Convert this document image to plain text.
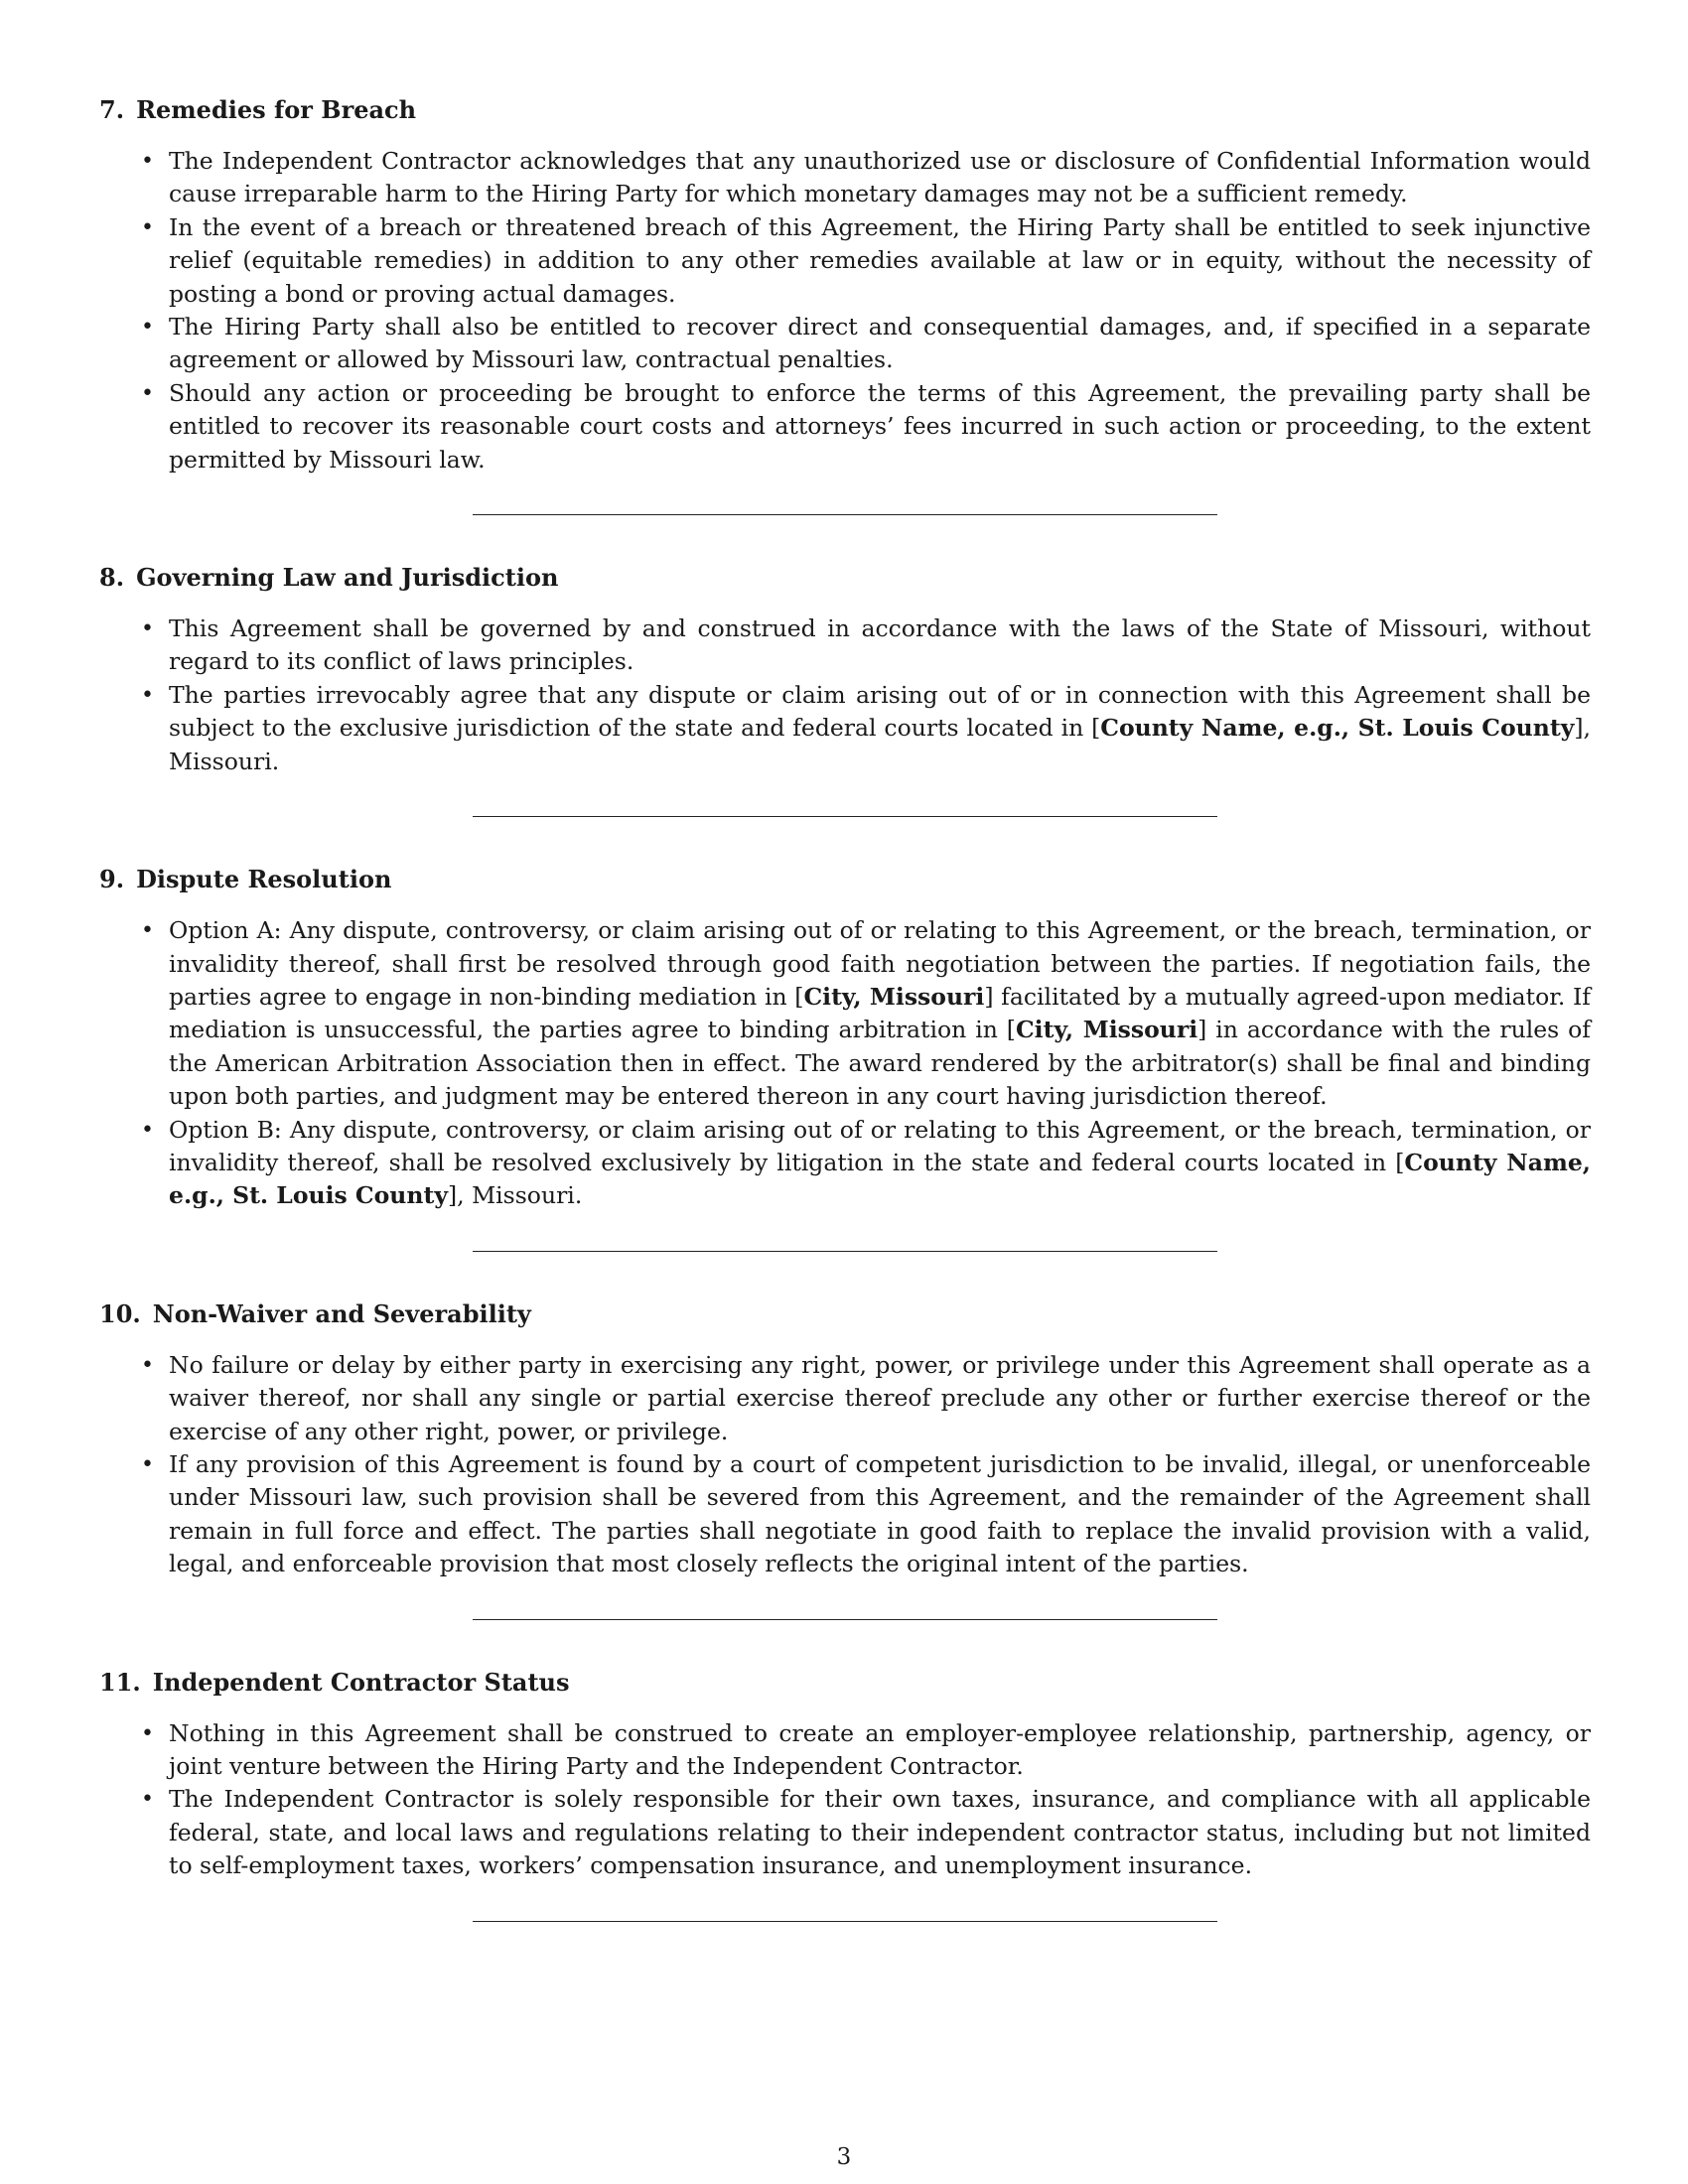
7. Remedies for Breach
• The Independent Contractor acknowledges that any unauthorized use or disclosure of Confidential Information would cause irreparable harm to the Hiring Party for which monetary damages may not be a sufficient remedy.
• In the event of a breach or threatened breach of this Agreement, the Hiring Party shall be entitled to seek injunctive relief (equitable remedies) in addition to any other remedies available at law or in equity, without the necessity of posting a bond or proving actual damages.
• The Hiring Party shall also be entitled to recover direct and consequential damages, and, if specified in a separate agreement or allowed by Missouri law, contractual penalties.
• Should any action or proceeding be brought to enforce the terms of this Agreement, the prevailing party shall be entitled to recover its reasonable court costs and attorneys’ fees incurred in such action or proceeding, to the extent permitted by Missouri law.
8. Governing Law and Jurisdiction
• This Agreement shall be governed by and construed in accordance with the laws of the State of Missouri, without regard to its conflict of laws principles.
• The parties irrevocably agree that any dispute or claim arising out of or in connection with this Agreement shall be subject to the exclusive jurisdiction of the state and federal courts located in [County Name, e.g., St. Louis County], Missouri.
9. Dispute Resolution
• Option A: Any dispute, controversy, or claim arising out of or relating to this Agreement, or the breach, termination, or invalidity thereof, shall first be resolved through good faith negotiation between the parties. If negotiation fails, the parties agree to engage in non-binding mediation in [City, Missouri] facilitated by a mutually agreed-upon mediator. If mediation is unsuccessful, the parties agree to binding arbitration in [City, Missouri] in accordance with the rules of the American Arbitration Association then in effect. The award rendered by the arbitrator(s) shall be final and binding upon both parties, and judgment may be entered thereon in any court having jurisdiction thereof.
• Option B: Any dispute, controversy, or claim arising out of or relating to this Agreement, or the breach, termination, or invalidity thereof, shall be resolved exclusively by litigation in the state and federal courts located in [County Name, e.g., St. Louis County], Missouri.
10. Non-Waiver and Severability
• No failure or delay by either party in exercising any right, power, or privilege under this Agreement shall operate as a waiver thereof, nor shall any single or partial exercise thereof preclude any other or further exercise thereof or the exercise of any other right, power, or privilege.
• If any provision of this Agreement is found by a court of competent jurisdiction to be invalid, illegal, or unenforceable under Missouri law, such provision shall be severed from this Agreement, and the remainder of the Agreement shall remain in full force and effect. The parties shall negotiate in good faith to replace the invalid provision with a valid, legal, and enforceable provision that most closely reflects the original intent of the parties.
11. Independent Contractor Status
• Nothing in this Agreement shall be construed to create an employer-employee relationship, partnership, agency, or joint venture between the Hiring Party and the Independent Contractor.
• The Independent Contractor is solely responsible for their own taxes, insurance, and compliance with all applicable federal, state, and local laws and regulations relating to their independent contractor status, including but not limited to self-employment taxes, workers’ compensation insurance, and unemployment insurance.
3
